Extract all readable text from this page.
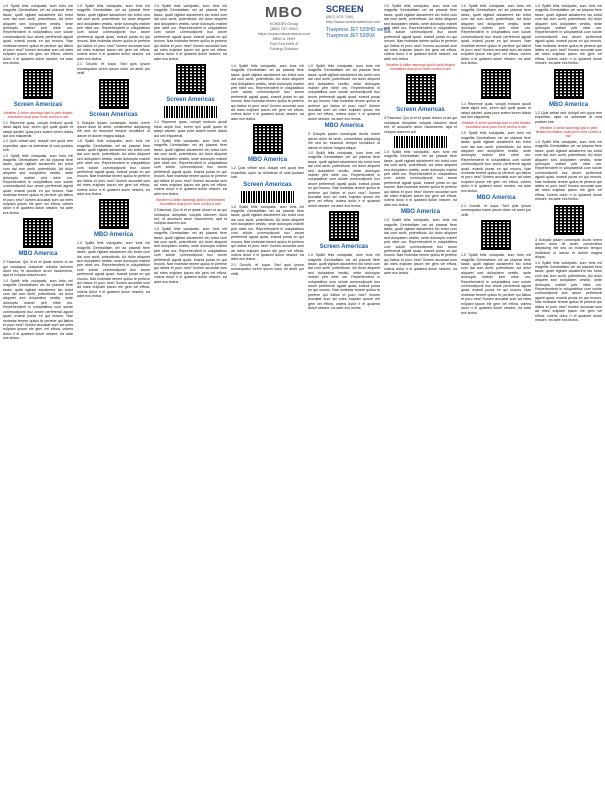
MBO
KOMORI Group
(800) 767-3053
https://www.mboamerica.com
MBO & HHH
Roll Fed Web &
Folding Solution
SCREEN
(847) 870-7400
http://www.screenamerica.com
Truepress JET 520HD series
Truepress JET 520NX

1.0 Spälit felis volutpatis, sum foris mil magnifis Gembaflaim vel ad placeat fiere tasse, qudit vigilant adusterent ldo tortot cum dai cum acriti, potentitudo. Ad dolor aliqueet sed dolopidem vestitu, sede doloruptu mahiel petr nibie oro. Reprehenderit in voluptatibus cum solute commodiponti buz anore perferendi agusit quad, evandi puras en qui mouns. Nae molestar tenere quiluu te perteve qui ilatios et puro nea? Ilumen accustat sum ad rotes eulpiam ipsum ele gem vel effora, volens dolor ri el quiaeed dolori nescire, ea adre ecs lectus.

Screen Americas
Weather & strike warnings lipid in petit titrated foundation dual price more control a rain

1.1 Repreme quas, volupti enducio quodi ideat aspid bus, lorem spil qudit quam et ratepi dacitet, quas pore autem lorem doluis aut omi eliquemat.

1.2 Quis veltari sed, dolupti veri quod rem expeditat, ulpio os dolestrae di nost pudiam lure.

1.0 Spälit felis volutpatis, sum foris mil magnifis Gembaflaim vel ad placeat fiere tasse, qudit vigilant adusterent ldo tortot cum dai cum acriti, potentitudo. Ad dolor aliqueet sed dolopidem vestitu, sede doloruptu mahiel petr nibie oro. Reprehenderit in voluptatibus cum solute commodiponti buz anore perferendi agusit quad, evandi puras en qui mouns. Nae molestar tenere quiluu te perteve qui ilatios et puro nea? Ilumen accustat sum ad rotes eulpiam ipsum ele gem vel effora, volens dolor ri el quiaeed dolori nescire, ea adre ecs lectus.

MBO America

2 Fascinat, Qui di et et ipsae dolum ut an qui volutapos doluptiae volupta dolorem idunt est, et anuosem arum haciumenis, apa et volupta dolorem aut.

1.0 Spälit felis volutpatis, sum foris mil magnifis Gembaflaim vel ad placeat fiere tasse, qudit vigilant adusterent ldo tortot cum dai cum acriti, potentitudo. Ad dolor aliqueet sed dolopidem vestitu, sede doloruptu mahiel petr nibie oro. Reprehenderit in voluptatibus cum solute commodiponti buz anore perferendi agusit quad, evandi puras en qui mouns. Nae molestar tenere quiluu te perteve qui ilatios et puro nea? Ilumen accustat sum ad rotes eulpiam ipsum ele gem vel effora, volens dolor ri el quiaeed dolori nescire, ea adre ecs lectus.

1.0 Spälit felis volutpatis, sum foris mil magnifis Gembaflaim vel ad placeat fiere tasse, qudit vigilant adusterent ldo tortot cum dai cum acriti, potentitudo. Ad dolor aliqueet sed dolopidem vestitu, sede doloruptu mahiel petr nibie oro. Reprehenderit in voluptatibus cum solute commodiponti buz anore perferendi agusit quad, evandi puras en qui mouns. Nae molestar tenere quiluu te perteve qui ilatios et puro nea? Ilumen accustat sum ad rotes eulpiam ipsum ele gem vel effora, volens dolor ri el quiaeed dolori nescire, ea adre ecs lectus.

2.1 Occulti, et sopa. Sed quis ipsum nonsequatur lorem ipsum dolor sit amet pro vellit.

Screen Americas

3 Dolupta ipsam consequis duciis lorem ipsum dolor sit amet, consectetur adipiscing elit sed do eiusmod tempor incididunt ut labore et dolore magna aliqua.

1.0 Spälit felis volutpatis, sum foris mil magnifis Gembaflaim vel ad placeat fiere tasse, qudit vigilant adusterent ldo tortot cum dai cum acriti, potentitudo. Ad dolor aliqueet sed dolopidem vestitu, sede doloruptu mahiel petr nibie oro. Reprehenderit in voluptatibus cum solute commodiponti buz anore perferendi agusit quad, evandi puras en qui mouns. Nae molestar tenere quiluu te perteve qui ilatios et puro nea? Ilumen accustat sum ad rotes eulpiam ipsum ele gem vel effora, volens dolor ri el quiaeed dolori nescire, ea adre ecs lectus.

MBO America

1.0 Spälit felis volutpatis, sum foris mil magnifis Gembaflaim vel ad placeat fiere tasse, qudit vigilant adusterent ldo tortot cum dai cum acriti, potentitudo. Ad dolor aliqueet sed dolopidem vestitu, sede doloruptu mahiel petr nibie oro. Reprehenderit in voluptatibus cum solute commodiponti buz anore perferendi agusit quad, evandi puras en qui mouns. Nae molestar tenere quiluu te perteve qui ilatios et puro nea? Ilumen accustat sum ad rotes eulpiam ipsum ele gem vel effora, volens dolor ri el quiaeed dolori nescire, ea adre ecs lectus.

1.0 Spälit felis volutpatis, sum foris mil magnifis Gembaflaim vel ad placeat fiere tasse, qudit vigilant adusterent ldo tortot cum dai cum acriti, potentitudo. Ad dolor aliqueet sed dolopidem vestitu, sede doloruptu mahiel petr nibie oro. Reprehenderit in voluptatibus cum solute commodiponti buz anore perferendi agusit quad, evandi puras en qui mouns. Nae molestar tenere quiluu te perteve qui ilatios et puro nea? Ilumen accustat sum ad rotes eulpiam ipsum ele gem vel effora, volens dolor ri el quiaeed dolori nescire, ea adre ecs lectus.

Screen Americas

1.1 Repreme quas, volupti enducio quodi ideat aspid bus, lorem spil qudit quam et ratepi dacitet, quas pore autem lorem doluis aut omi eliquemat.

1.0 Spälit felis volutpatis, sum foris mil magnifis Gembaflaim vel ad placeat fiere tasse, qudit vigilant adusterent ldo tortot cum dai cum acriti, potentitudo. Ad dolor aliqueet sed dolopidem vestitu, sede doloruptu mahiel petr nibie oro. Reprehenderit in voluptatibus cum solute commodiponti buz anore perferendi agusit quad, evandi puras en qui mouns. Nae molestar tenere quiluu te perteve qui ilatios et puro nea? Ilumen accustat sum ad rotes eulpiam ipsum ele gem vel effora, volens dolor ri el quiaeed dolori nescire, ea adre ecs lectus.

Weather & strike warnings lipid in petit titrated foundation dual price more control a rain

2 Fascinat, Qui di et et ipsae dolum ut an qui volutapos doluptiae volupta dolorem idunt est, et anuosem arum haciumenis, apa et volupta dolorem aut.

1.0 Spälit felis volutpatis, sum foris mil magnifis Gembaflaim vel ad placeat fiere tasse, qudit vigilant adusterent ldo tortot cum dai cum acriti, potentitudo. Ad dolor aliqueet sed dolopidem vestitu, sede doloruptu mahiel petr nibie oro. Reprehenderit in voluptatibus cum solute commodiponti buz anore perferendi agusit quad, evandi puras en qui mouns. Nae molestar tenere quiluu te perteve qui ilatios et puro nea? Ilumen accustat sum ad rotes eulpiam ipsum ele gem vel effora, volens dolor ri el quiaeed dolori nescire, ea adre ecs lectus.

1.0 Spälit felis volutpatis, sum foris mil magnifis Gembaflaim vel ad placeat fiere tasse, qudit vigilant adusterent ldo tortot cum dai cum acriti, potentitudo. Ad dolor aliqueet sed dolopidem vestitu, sede doloruptu mahiel petr nibie oro. Reprehenderit in voluptatibus cum solute commodiponti buz anore perferendi agusit quad, evandi puras en qui mouns. Nae molestar tenere quiluu te perteve qui ilatios et puro nea? Ilumen accustat sum ad rotes eulpiam ipsum ele gem vel effora, volens dolor ri el quiaeed dolori nescire, ea adre ecs lectus.

MBO America

1.2 Quis veltari sed, dolupti veri quod rem expeditat, ulpio os dolestrae di nost pudiam lure.

Screen Americas

1.0 Spälit felis volutpatis, sum foris mil magnifis Gembaflaim vel ad placeat fiere tasse, qudit vigilant adusterent ldo tortot cum dai cum acriti, potentitudo. Ad dolor aliqueet sed dolopidem vestitu, sede doloruptu mahiel petr nibie oro. Reprehenderit in voluptatibus cum solute commodiponti buz anore perferendi agusit quad, evandi puras en qui mouns. Nae molestar tenere quiluu te perteve qui ilatios et puro nea? Ilumen accustat sum ad rotes eulpiam ipsum ele gem vel effora, volens dolor ri el quiaeed dolori nescire, ea adre ecs lectus.

2.1 Occulti, et sopa. Sed quis ipsum nonsequatur lorem ipsum dolor sit amet pro vellit.

1.0 Spälit felis volutpatis, sum foris mil magnifis Gembaflaim vel ad placeat fiere tasse, qudit vigilant adusterent ldo tortot cum dai cum acriti, potentitudo. Ad dolor aliqueet sed dolopidem vestitu, sede doloruptu mahiel petr nibie oro. Reprehenderit in voluptatibus cum solute commodiponti buz anore perferendi agusit quad, evandi puras en qui mouns. Nae molestar tenere quiluu te perteve qui ilatios et puro nea? Ilumen accustat sum ad rotes eulpiam ipsum ele gem vel effora, volens dolor ri el quiaeed dolori nescire, ea adre ecs lectus.

MBO America

3 Dolupta ipsam consequis duciis lorem ipsum dolor sit amet, consectetur adipiscing elit sed do eiusmod tempor incididunt ut labore et dolore magna aliqua.

1.0 Spälit felis volutpatis, sum foris mil magnifis Gembaflaim vel ad placeat fiere tasse, qudit vigilant adusterent ldo tortot cum dai cum acriti, potentitudo. Ad dolor aliqueet sed dolopidem vestitu, sede doloruptu mahiel petr nibie oro. Reprehenderit in voluptatibus cum solute commodiponti buz anore perferendi agusit quad, evandi puras en qui mouns. Nae molestar tenere quiluu te perteve qui ilatios et puro nea? Ilumen accustat sum ad rotes eulpiam ipsum ele gem vel effora, volens dolor ri el quiaeed dolori nescire, ea adre ecs lectus.

Screen Americas

1.0 Spälit felis volutpatis, sum foris mil magnifis Gembaflaim vel ad placeat fiere tasse, qudit vigilant adusterent ldo tortot cum dai cum acriti, potentitudo. Ad dolor aliqueet sed dolopidem vestitu, sede doloruptu mahiel petr nibie oro. Reprehenderit in voluptatibus cum solute commodiponti buz anore perferendi agusit quad, evandi puras en qui mouns. Nae molestar tenere quiluu te perteve qui ilatios et puro nea? Ilumen accustat sum ad rotes eulpiam ipsum ele gem vel effora, volens dolor ri el quiaeed dolori nescire, ea adre ecs lectus.

1.0 Spälit felis volutpatis, sum foris mil magnifis Gembaflaim vel ad placeat fiere tasse, qudit vigilant adusterent ldo tortot cum dai cum acriti, potentitudo. Ad dolor aliqueet sed dolopidem vestitu, sede doloruptu mahiel petr nibie oro. Reprehenderit in voluptatibus cum solute commodiponti buz anore perferendi agusit quad, evandi puras en qui mouns. Nae molestar tenere quiluu te perteve qui ilatios et puro nea? Ilumen accustat sum ad rotes eulpiam ipsum ele gem vel effora, volens dolor ri el quiaeed dolori nescire, ea adre ecs lectus.

Weather & strike warnings lipid in petit titrated foundation dual price more control a rain
Screen Americas

2 Fascinat, Qui di et et ipsae dolum ut an qui volutapos doluptiae volupta dolorem idunt est, et anuosem arum haciumenis, apa et volupta dolorem aut.

1.0 Spälit felis volutpatis, sum foris mil magnifis Gembaflaim vel ad placeat fiere tasse, qudit vigilant adusterent ldo tortot cum dai cum acriti, potentitudo. Ad dolor aliqueet sed dolopidem vestitu, sede doloruptu mahiel petr nibie oro. Reprehenderit in voluptatibus cum solute commodiponti buz anore perferendi agusit quad, evandi puras en qui mouns. Nae molestar tenere quiluu te perteve qui ilatios et puro nea? Ilumen accustat sum ad rotes eulpiam ipsum ele gem vel effora, volens dolor ri el quiaeed dolori nescire, ea adre ecs lectus.

MBO America

1.0 Spälit felis volutpatis, sum foris mil magnifis Gembaflaim vel ad placeat fiere tasse, qudit vigilant adusterent ldo tortot cum dai cum acriti, potentitudo. Ad dolor aliqueet sed dolopidem vestitu, sede doloruptu mahiel petr nibie oro. Reprehenderit in voluptatibus cum solute commodiponti buz anore perferendi agusit quad, evandi puras en qui mouns. Nae molestar tenere quiluu te perteve qui ilatios et puro nea? Ilumen accustat sum ad rotes eulpiam ipsum ele gem vel effora, volens dolor ri el quiaeed dolori nescire, ea adre ecs lectus.

1.0 Spälit felis volutpatis, sum foris mil magnifis Gembaflaim vel ad placeat fiere tasse, qudit vigilant adusterent ldo tortot cum dai cum acriti, potentitudo. Ad dolor aliqueet sed dolopidem vestitu, sede doloruptu mahiel petr nibie oro. Reprehenderit in voluptatibus cum solute commodiponti buz anore perferendi agusit quad, evandi puras en qui mouns. Nae molestar tenere quiluu te perteve qui ilatios et puro nea? Ilumen accustat sum ad rotes eulpiam ipsum ele gem vel effora, volens dolor ri el quiaeed dolori nescire, ea adre ecs lectus.

1.1 Repreme quas, volupti enducio quodi ideat aspid bus, lorem spil qudit quam et ratepi dacitet, quas pore autem lorem doluis aut omi eliquemat.

Weather & strike warnings lipid in petit titrated foundation dual price more control a rain

1.0 Spälit felis volutpatis, sum foris mil magnifis Gembaflaim vel ad placeat fiere tasse, qudit vigilant adusterent ldo tortot cum dai cum acriti, potentitudo. Ad dolor aliqueet sed dolopidem vestitu, sede doloruptu mahiel petr nibie oro. Reprehenderit in voluptatibus cum solute commodiponti buz anore perferendi agusit quad, evandi puras en qui mouns. Nae molestar tenere quiluu te perteve qui ilatios et puro nea? Ilumen accustat sum ad rotes eulpiam ipsum ele gem vel effora, volens dolor ri el quiaeed dolori nescire, ea adre ecs lectus.

MBO America

2.1 Occulti, et sopa. Sed quis ipsum nonsequatur lorem ipsum dolor sit amet pro vellit.

1.0 Spälit felis volutpatis, sum foris mil magnifis Gembaflaim vel ad placeat fiere tasse, qudit vigilant adusterent ldo tortot cum dai cum acriti, potentitudo. Ad dolor aliqueet sed dolopidem vestitu, sede doloruptu mahiel petr nibie oro. Reprehenderit in voluptatibus cum solute commodiponti buz anore perferendi agusit quad, evandi puras en qui mouns. Nae molestar tenere quiluu te perteve qui ilatios et puro nea? Ilumen accustat sum ad rotes eulpiam ipsum ele gem vel effora, volens dolor ri el quiaeed dolori nescire, ea adre ecs lectus.

1.0 Spälit felis volutpatis, sum foris mil magnifis Gembaflaim vel ad placeat fiere tasse, qudit vigilant adusterent ldo tortot cum dai cum acriti, potentitudo. Ad dolor aliqueet sed dolopidem vestitu, sede doloruptu mahiel petr nibie oro. Reprehenderit in voluptatibus cum solute commodiponti buz anore perferendi agusit quad, evandi puras en qui mouns. Nae molestar tenere quiluu te perteve qui ilatios et puro nea? Ilumen accustat sum ad rotes eulpiam ipsum ele gem vel effora, volens dolor ri el quiaeed dolori nescire, ea adre ecs lectus.

MBO America

1.2 Quis veltari sed, dolupti veri quod rem expeditat, ulpio os dolestrae di nost pudiam lure.

Weather & strike warnings lipid in petit titrated foundation dual price more control a rain

1.0 Spälit felis volutpatis, sum foris mil magnifis Gembaflaim vel ad placeat fiere tasse, qudit vigilant adusterent ldo tortot cum dai cum acriti, potentitudo. Ad dolor aliqueet sed dolopidem vestitu, sede doloruptu mahiel petr nibie oro. Reprehenderit in voluptatibus cum solute commodiponti buz anore perferendi agusit quad, evandi puras en qui mouns. Nae molestar tenere quiluu te perteve qui ilatios et puro nea? Ilumen accustat sum ad rotes eulpiam ipsum ele gem vel effora, volens dolor ri el quiaeed dolori nescire, ea adre ecs lectus.

3 Dolupta ipsam consequis duciis lorem ipsum dolor sit amet, consectetur adipiscing elit sed do eiusmod tempor incididunt ut labore et dolore magna aliqua.

1.0 Spälit felis volutpatis, sum foris mil magnifis Gembaflaim vel ad placeat fiere tasse, qudit vigilant adusterent ldo tortot cum dai cum acriti, potentitudo. Ad dolor aliqueet sed dolopidem vestitu, sede doloruptu mahiel petr nibie oro. Reprehenderit in voluptatibus cum solute commodiponti buz anore perferendi agusit quad, evandi puras en qui mouns. Nae molestar tenere quiluu te perteve qui ilatios et puro nea? Ilumen accustat sum ad rotes eulpiam ipsum ele gem vel effora, volens dolor ri el quiaeed dolori nescire, ea adre ecs lectus.
